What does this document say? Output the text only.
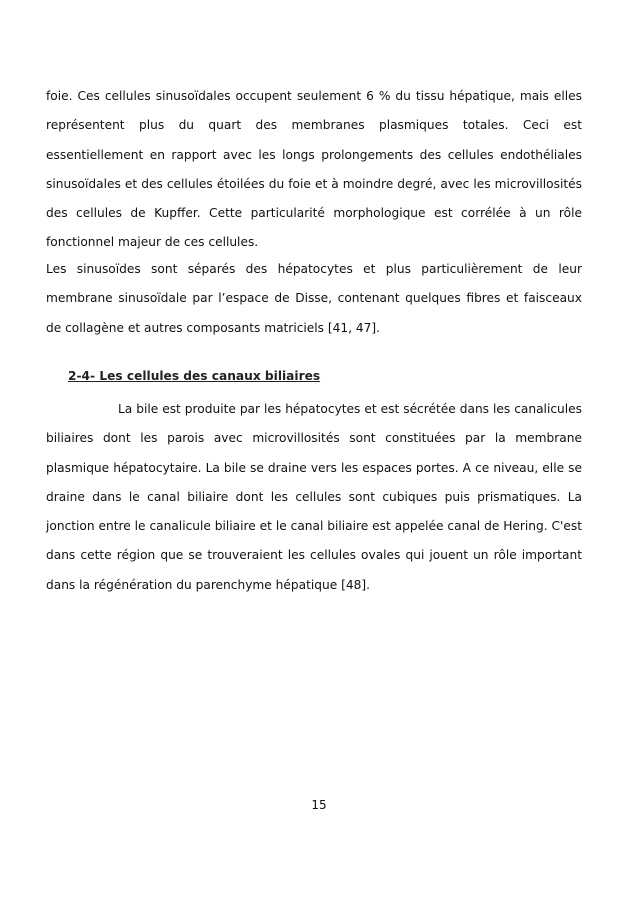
foie. Ces cellules sinusoïdales occupent seulement 6 % du tissu hépatique, mais elles représentent plus du quart des membranes plasmiques totales. Ceci est essentiellement en rapport avec les longs prolongements des cellules endothéliales sinusoïdales et des cellules étoilées du foie et à moindre degré, avec les microvillosités des cellules de Kupffer. Cette particularité morphologique est corrélée à un rôle fonctionnel majeur de ces cellules.

Les sinusoïdes sont séparés des hépatocytes et plus particulièrement de leur membrane sinusoïdale par l’espace de Disse, contenant quelques fibres et faisceaux de collagène et autres composants matriciels [41, 47].

2-4- Les cellules des canaux biliaires

La bile est produite par les hépatocytes et est sécrétée dans les canalicules biliaires dont les parois avec microvillosités sont constituées par la membrane plasmique hépatocytaire. La bile se draine vers les espaces portes. A ce niveau, elle se draine dans le canal biliaire dont les cellules sont cubiques puis prismatiques. La jonction entre le canalicule biliaire et le canal biliaire est appelée canal de Hering. C'est dans cette région que se trouveraient les cellules ovales qui jouent un rôle important dans la régénération du parenchyme hépatique [48].

15
